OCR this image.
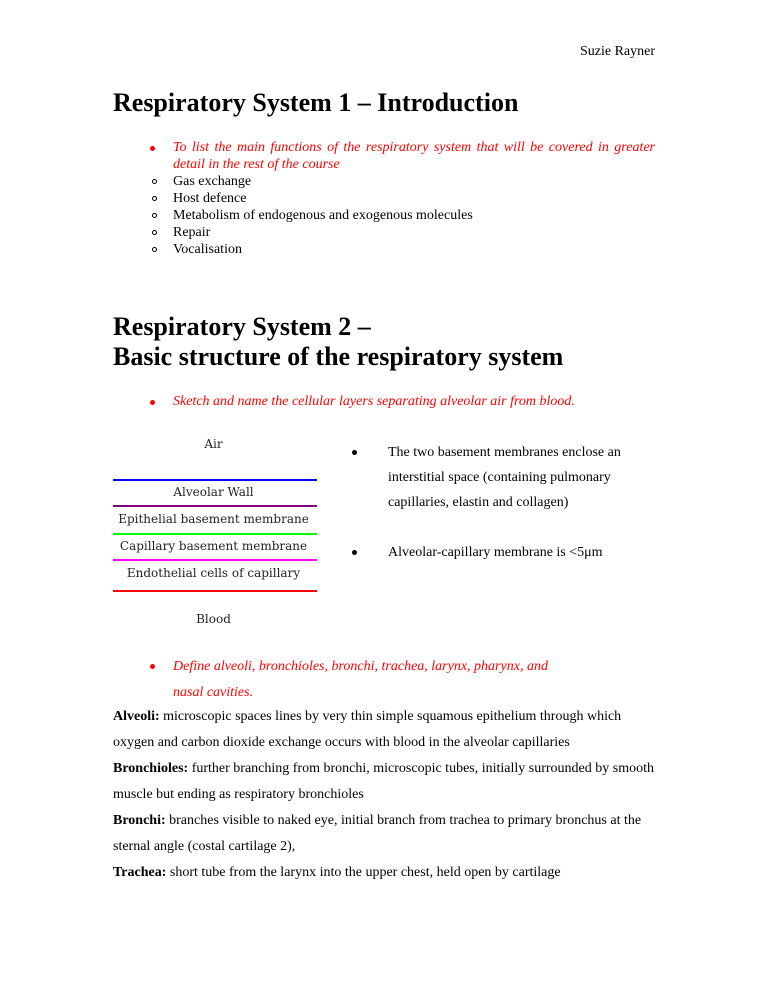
Suzie Rayner
Respiratory System 1 – Introduction
To list the main functions of the respiratory system that will be covered in greater detail in the rest of the course
Gas exchange
Host defence
Metabolism of endogenous and exogenous molecules
Repair
Vocalisation
Respiratory System 2 –
Basic structure of the respiratory system
Sketch and name the cellular layers separating alveolar air from blood.
Air
Alveolar Wall
Epithelial basement membrane
Capillary basement membrane
Endothelial cells of capillary
Blood
The two basement membranes enclose an interstitial space (containing pulmonary capillaries, elastin and collagen)
Alveolar-capillary membrane is <5μm
Define alveoli, bronchioles, bronchi, trachea, larynx, pharynx, and nasal cavities.

Alveoli: microscopic spaces lines by very thin simple squamous epithelium through which oxygen and carbon dioxide exchange occurs with blood in the alveolar capillaries

Bronchioles: further branching from bronchi, microscopic tubes, initially surrounded by smooth muscle but ending as respiratory bronchioles

Bronchi: branches visible to naked eye, initial branch from trachea to primary bronchus at the sternal angle (costal cartilage 2),

Trachea: short tube from the larynx into the upper chest, held open by cartilage
